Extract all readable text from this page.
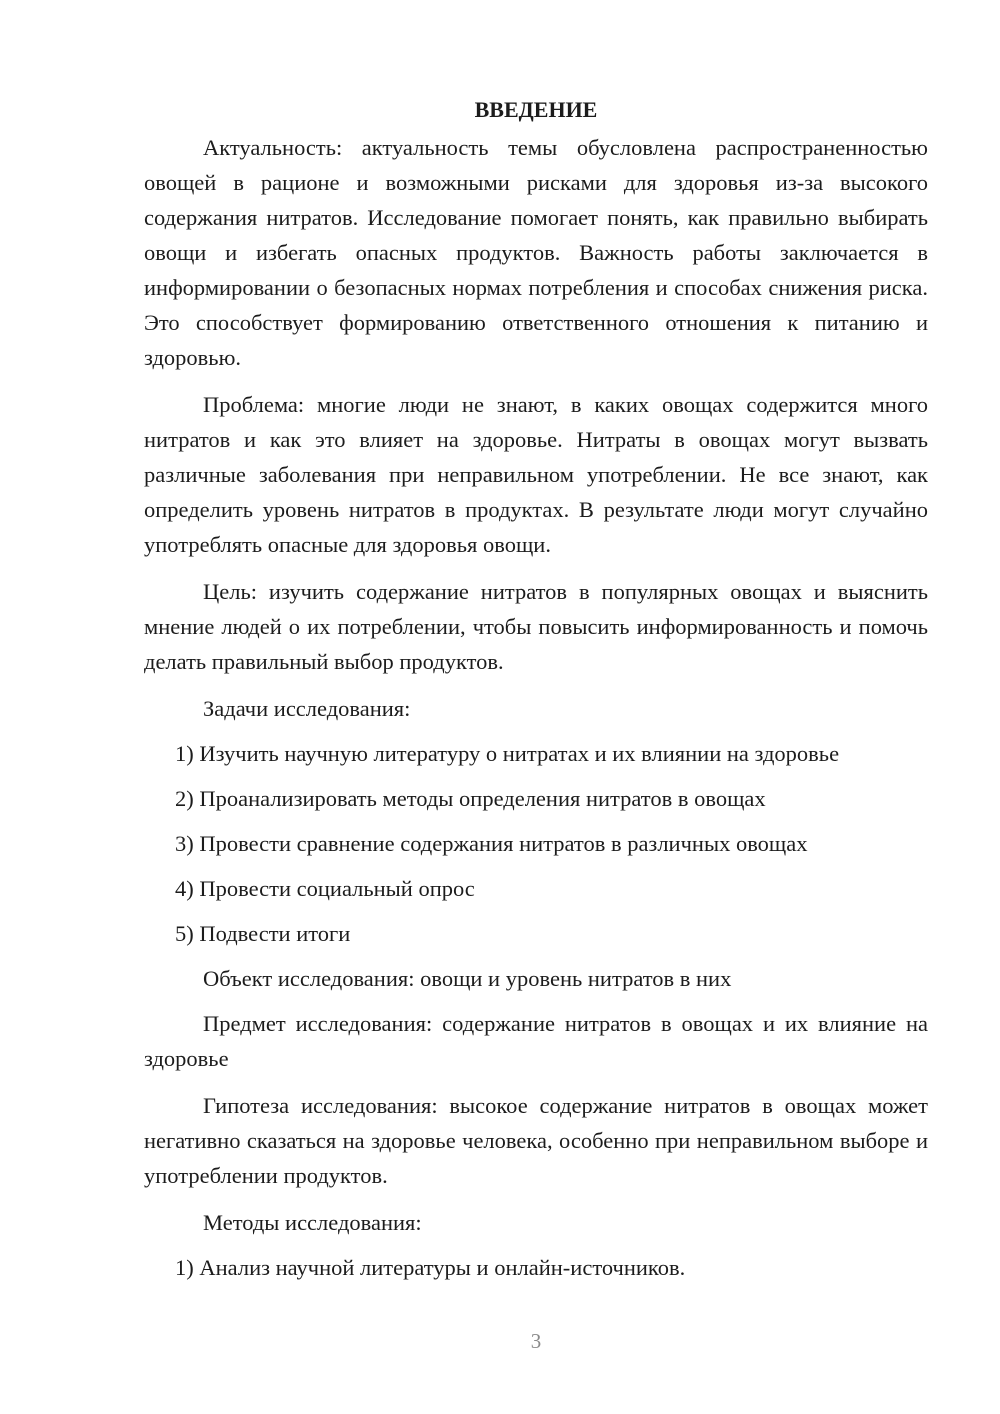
ВВЕДЕНИЕ

Актуальность: актуальность темы обусловлена распространенностью овощей в рационе и возможными рисками для здоровья из-за высокого содержания нитратов. Исследование помогает понять, как правильно выбирать овощи и избегать опасных продуктов. Важность работы заключается в информировании о безопасных нормах потребления и способах снижения риска. Это способствует формированию ответственного отношения к питанию и здоровью.

Проблема: многие люди не знают, в каких овощах содержится много нитратов и как это влияет на здоровье. Нитраты в овощах могут вызвать различные заболевания при неправильном употреблении. Не все знают, как определить уровень нитратов в продуктах. В результате люди могут случайно употреблять опасные для здоровья овощи.

Цель: изучить содержание нитратов в популярных овощах и выяснить мнение людей о их потреблении, чтобы повысить информированность и помочь делать правильный выбор продуктов.

Задачи исследования:

1) Изучить научную литературу о нитратах и их влиянии на здоровье
2) Проанализировать методы определения нитратов в овощах
3) Провести сравнение содержания нитратов в различных овощах
4) Провести социальный опрос
5) Подвести итоги

Объект исследования: овощи и уровень нитратов в них

Предмет исследования: содержание нитратов в овощах и их влияние на здоровье

Гипотеза исследования: высокое содержание нитратов в овощах может негативно сказаться на здоровье человека, особенно при неправильном выборе и употреблении продуктов.

Методы исследования:

1) Анализ научной литературы и онлайн-источников.
3
